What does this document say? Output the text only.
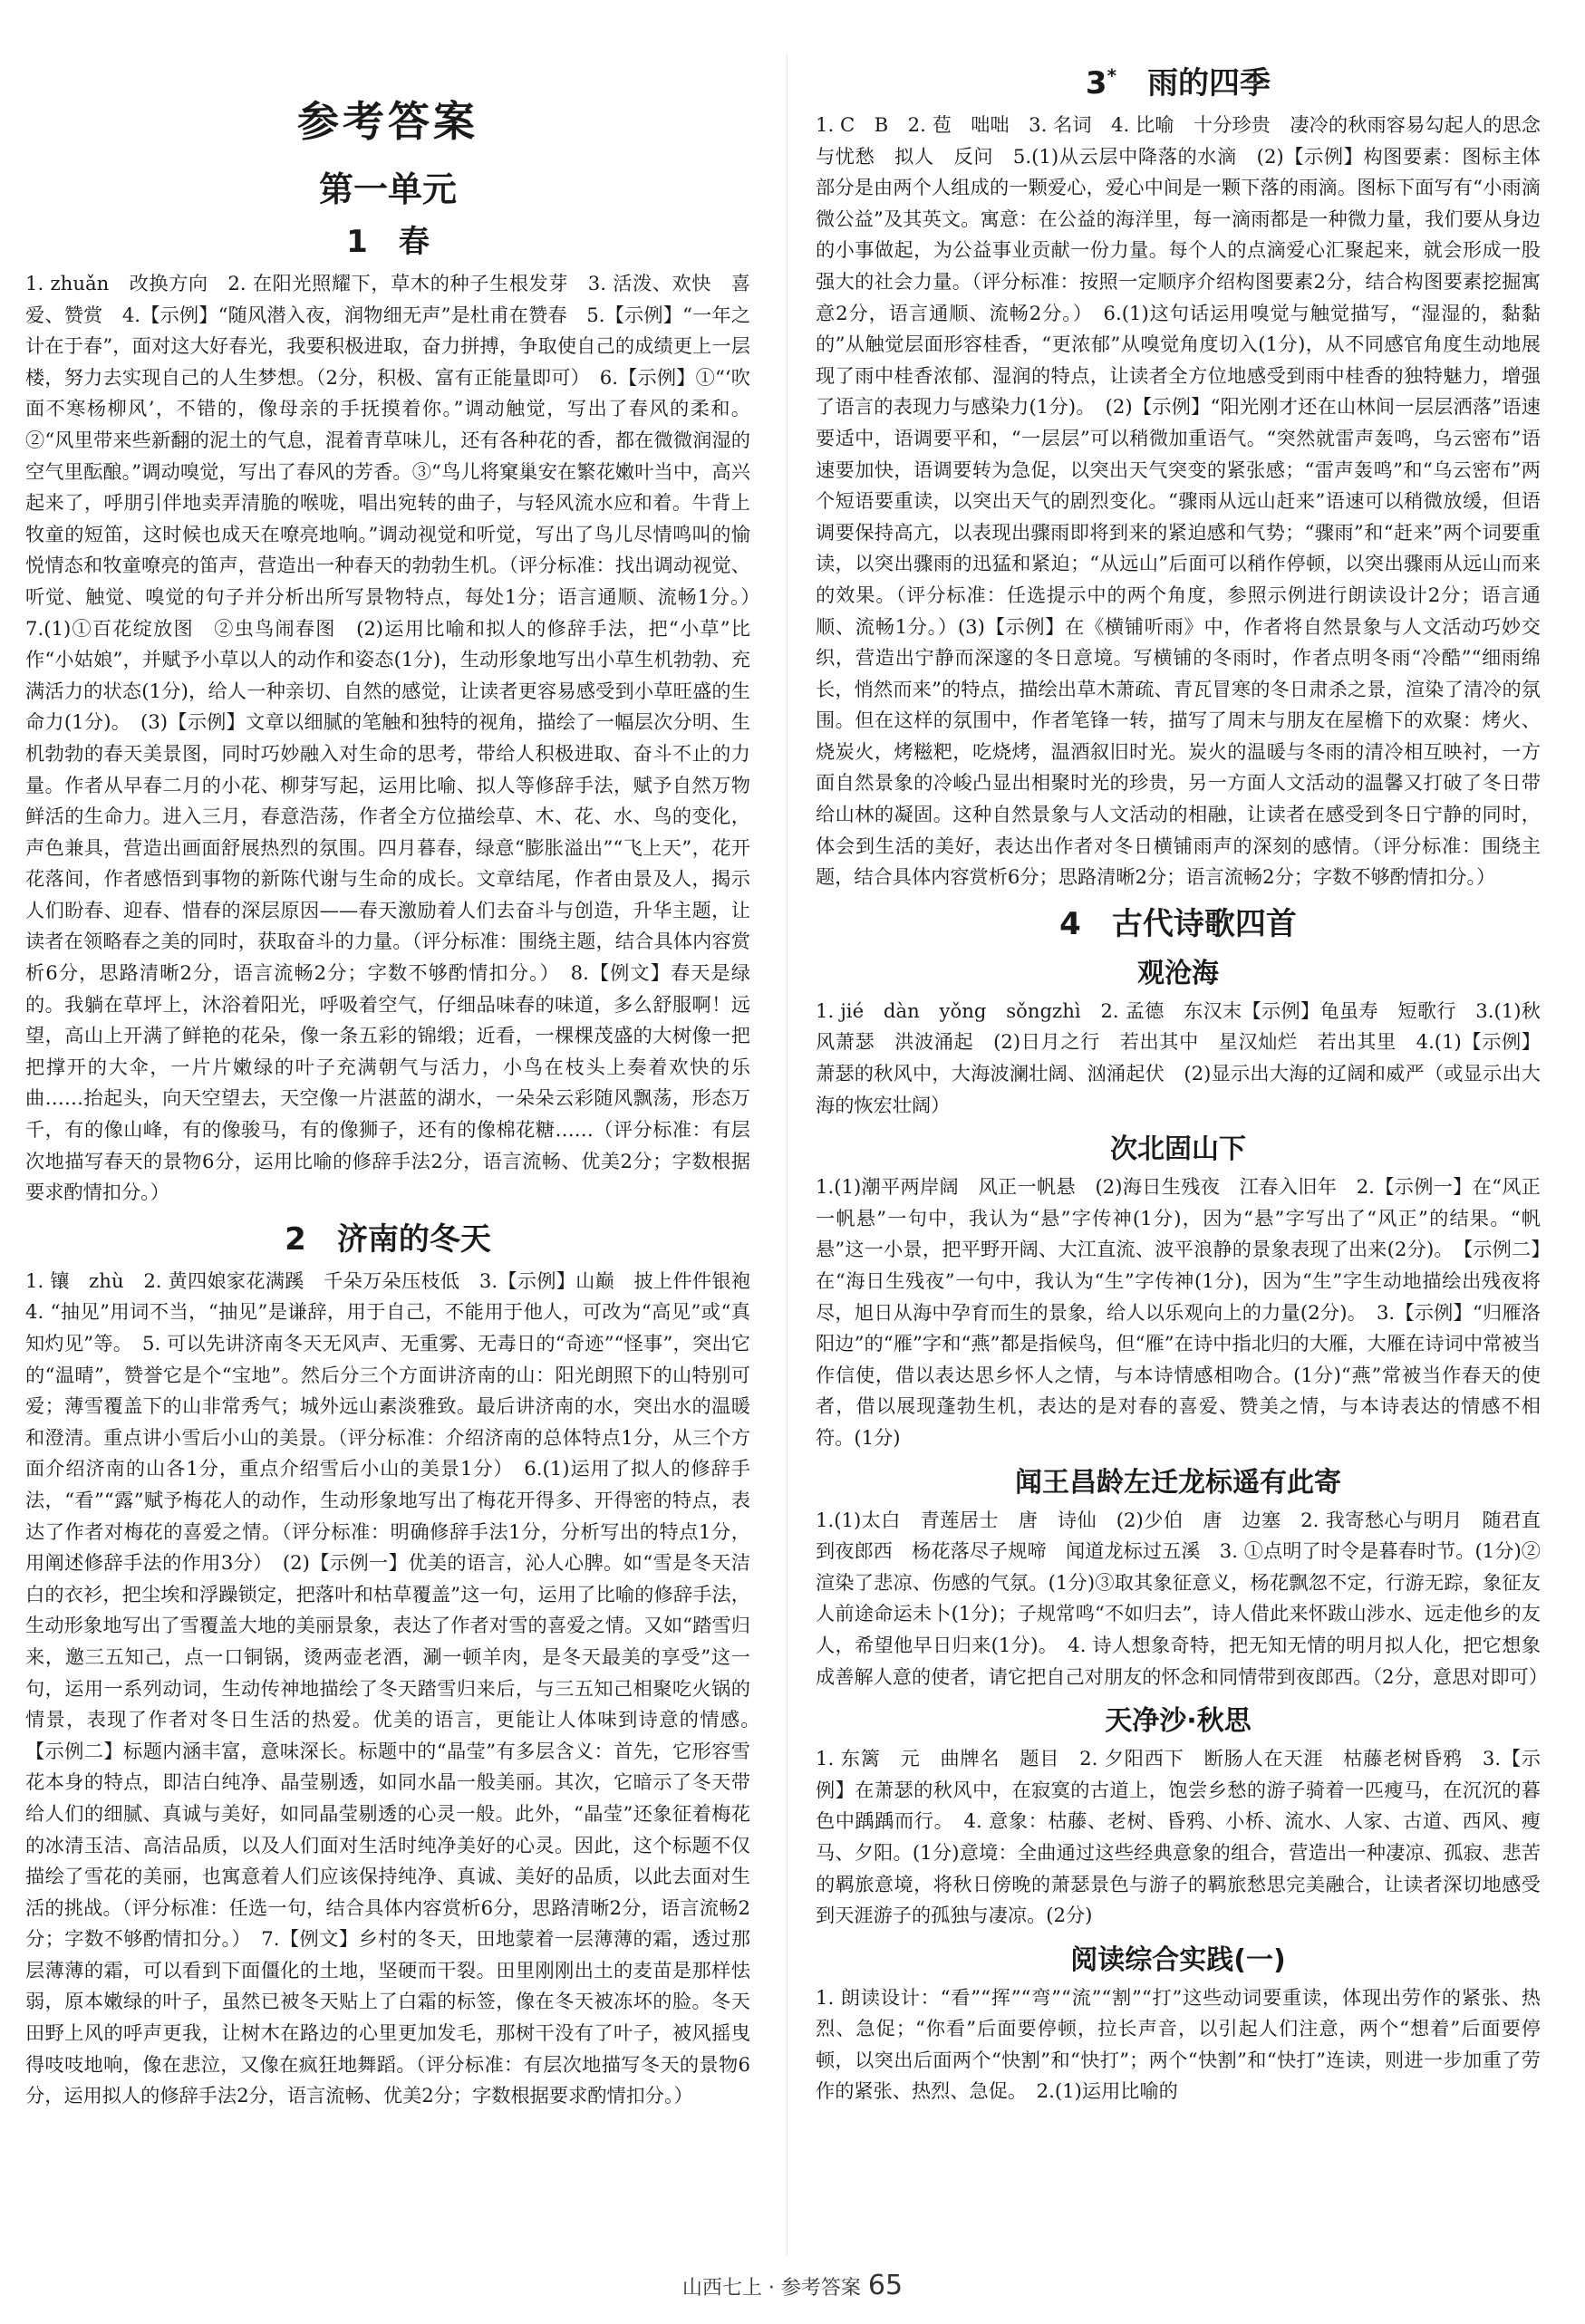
参考答案
第一单元
1　春

1. zhuǎn　改换方向　2. 在阳光照耀下，草木的种子生根发芽　3. 活泼、欢快　喜爱、赞赏　4.【示例】“随风潜入夜，润物细无声”是杜甫在赞春　5.【示例】“一年之计在于春”，面对这大好春光，我要积极进取，奋力拼搏，争取使自己的成绩更上一层楼，努力去实现自己的人生梦想。（2分，积极、富有正能量即可）　6.【示例】①“‘吹面不寒杨柳风’，不错的，像母亲的手抚摸着你。”调动触觉，写出了春风的柔和。②“风里带来些新翻的泥土的气息，混着青草味儿，还有各种花的香，都在微微润湿的空气里酝酿。”调动嗅觉，写出了春风的芳香。③“鸟儿将窠巢安在繁花嫩叶当中，高兴起来了，呼朋引伴地卖弄清脆的喉咙，唱出宛转的曲子，与轻风流水应和着。牛背上牧童的短笛，这时候也成天在嘹亮地响。”调动视觉和听觉，写出了鸟儿尽情鸣叫的愉悦情态和牧童嘹亮的笛声，营造出一种春天的勃勃生机。（评分标准：找出调动视觉、听觉、触觉、嗅觉的句子并分析出所写景物特点，每处1分；语言通顺、流畅1分。）　7.(1)①百花绽放图　②虫鸟闹春图　(2)运用比喻和拟人的修辞手法，把“小草”比作“小姑娘”，并赋予小草以人的动作和姿态(1分)，生动形象地写出小草生机勃勃、充满活力的状态(1分)，给人一种亲切、自然的感觉，让读者更容易感受到小草旺盛的生命力(1分)。　(3)【示例】文章以细腻的笔触和独特的视角，描绘了一幅层次分明、生机勃勃的春天美景图，同时巧妙融入对生命的思考，带给人积极进取、奋斗不止的力量。作者从早春二月的小花、柳芽写起，运用比喻、拟人等修辞手法，赋予自然万物鲜活的生命力。进入三月，春意浩荡，作者全方位描绘草、木、花、水、鸟的变化，声色兼具，营造出画面舒展热烈的氛围。四月暮春，绿意“膨胀溢出”“飞上天”，花开花落间，作者感悟到事物的新陈代谢与生命的成长。文章结尾，作者由景及人，揭示人们盼春、迎春、惜春的深层原因——春天激励着人们去奋斗与创造，升华主题，让读者在领略春之美的同时，获取奋斗的力量。（评分标准：围绕主题，结合具体内容赏析6分，思路清晰2分，语言流畅2分；字数不够酌情扣分。）　8.【例文】春天是绿的。我躺在草坪上，沐浴着阳光，呼吸着空气，仔细品味春的味道，多么舒服啊！远望，高山上开满了鲜艳的花朵，像一条五彩的锦缎；近看，一棵棵茂盛的大树像一把把撑开的大伞，一片片嫩绿的叶子充满朝气与活力，小鸟在枝头上奏着欢快的乐曲……抬起头，向天空望去，天空像一片湛蓝的湖水，一朵朵云彩随风飘荡，形态万千，有的像山峰，有的像骏马，有的像狮子，还有的像棉花糖……（评分标准：有层次地描写春天的景物6分，运用比喻的修辞手法2分，语言流畅、优美2分；字数根据要求酌情扣分。）

2　济南的冬天

1. 镶　zhù　2. 黄四娘家花满蹊　千朵万朵压枝低　3.【示例】山巅　披上件件银袍　4. “抽见”用词不当，“抽见”是谦辞，用于自己，不能用于他人，可改为“高见”或“真知灼见”等。　5. 可以先讲济南冬天无风声、无重雾、无毒日的“奇迹”“怪事”，突出它的“温晴”，赞誉它是个“宝地”。然后分三个方面讲济南的山：阳光朗照下的山特别可爱；薄雪覆盖下的山非常秀气；城外远山素淡雅致。最后讲济南的水，突出水的温暖和澄清。重点讲小雪后小山的美景。（评分标准：介绍济南的总体特点1分，从三个方面介绍济南的山各1分，重点介绍雪后小山的美景1分）　6.(1)运用了拟人的修辞手法，“看”“露”赋予梅花人的动作，生动形象地写出了梅花开得多、开得密的特点，表达了作者对梅花的喜爱之情。（评分标准：明确修辞手法1分，分析写出的特点1分，用阐述修辞手法的作用3分）　(2)【示例一】优美的语言，沁人心脾。如“雪是冬天洁白的衣衫，把尘埃和浮躁锁定，把落叶和枯草覆盖”这一句，运用了比喻的修辞手法，生动形象地写出了雪覆盖大地的美丽景象，表达了作者对雪的喜爱之情。又如“踏雪归来，邀三五知己，点一口铜锅，烫两壶老酒，涮一顿羊肉，是冬天最美的享受”这一句，运用一系列动词，生动传神地描绘了冬天踏雪归来后，与三五知己相聚吃火锅的情景，表现了作者对冬日生活的热爱。优美的语言，更能让人体味到诗意的情感。　【示例二】标题内涵丰富，意味深长。标题中的“晶莹”有多层含义：首先，它形容雪花本身的特点，即洁白纯净、晶莹剔透，如同水晶一般美丽。其次，它暗示了冬天带给人们的细腻、真诚与美好，如同晶莹剔透的心灵一般。此外，“晶莹”还象征着梅花的冰清玉洁、高洁品质，以及人们面对生活时纯净美好的心灵。因此，这个标题不仅描绘了雪花的美丽，也寓意着人们应该保持纯净、真诚、美好的品质，以此去面对生活的挑战。（评分标准：任选一句，结合具体内容赏析6分，思路清晰2分，语言流畅2分；字数不够酌情扣分。）　7.【例文】乡村的冬天，田地蒙着一层薄薄的霜，透过那层薄薄的霜，可以看到下面僵化的土地，坚硬而干裂。田里刚刚出土的麦苗是那样怯弱，原本嫩绿的叶子，虽然已被冬天贴上了白霜的标签，像在冬天被冻坏的脸。冬天田野上风的呼声更我，让树木在路边的心里更加发毛，那树干没有了叶子，被风摇曳得吱吱地响，像在悲泣，又像在疯狂地舞蹈。（评分标准：有层次地描写冬天的景物6分，运用拟人的修辞手法2分，语言流畅、优美2分；字数根据要求酌情扣分。）

3*　 雨的四季

1. C　B　2. 苞　咄咄　3. 名词　4. 比喻　十分珍贵　凄冷的秋雨容易勾起人的思念与忧愁　拟人　反问　5.(1)从云层中降落的水滴　(2)【示例】构图要素：图标主体部分是由两个人组成的一颗爱心，爱心中间是一颗下落的雨滴。图标下面写有“小雨滴微公益”及其英文。寓意：在公益的海洋里，每一滴雨都是一种微力量，我们要从身边的小事做起，为公益事业贡献一份力量。每个人的点滴爱心汇聚起来，就会形成一股强大的社会力量。（评分标准：按照一定顺序介绍构图要素2分，结合构图要素挖掘寓意2分，语言通顺、流畅2分。）　6.(1)这句话运用嗅觉与触觉描写，“湿湿的，黏黏的”从触觉层面形容桂香，“更浓郁”从嗅觉角度切入(1分)，从不同感官角度生动地展现了雨中桂香浓郁、湿润的特点，让读者全方位地感受到雨中桂香的独特魅力，增强了语言的表现力与感染力(1分)。　(2)【示例】“阳光刚才还在山林间一层层洒落”语速要适中，语调要平和，“一层层”可以稍微加重语气。“突然就雷声轰鸣，乌云密布”语速要加快，语调要转为急促，以突出天气突变的紧张感；“雷声轰鸣”和“乌云密布”两个短语要重读，以突出天气的剧烈变化。“骤雨从远山赶来”语速可以稍微放缓，但语调要保持高亢，以表现出骤雨即将到来的紧迫感和气势；“骤雨”和“赶来”两个词要重读，以突出骤雨的迅猛和紧迫；“从远山”后面可以稍作停顿，以突出骤雨从远山而来的效果。（评分标准：任选提示中的两个角度，参照示例进行朗读设计2分；语言通顺、流畅1分。）(3)【示例】在《横铺听雨》中，作者将自然景象与人文活动巧妙交织，营造出宁静而深邃的冬日意境。写横铺的冬雨时，作者点明冬雨“冷酷”“细雨绵长，悄然而来”的特点，描绘出草木萧疏、青瓦冒寒的冬日肃杀之景，渲染了清冷的氛围。但在这样的氛围中，作者笔锋一转，描写了周末与朋友在屋檐下的欢聚：烤火、烧炭火，烤糍粑，吃烧烤，温酒叙旧时光。炭火的温暖与冬雨的清冷相互映衬，一方面自然景象的冷峻凸显出相聚时光的珍贵，另一方面人文活动的温馨又打破了冬日带给山林的凝固。这种自然景象与人文活动的相融，让读者在感受到冬日宁静的同时，体会到生活的美好，表达出作者对冬日横铺雨声的深刻的感情。（评分标准：围绕主题，结合具体内容赏析6分；思路清晰2分；语言流畅2分；字数不够酌情扣分。）

4　古代诗歌四首
观沧海

1. jié　dàn　yǒng　sǒngzhì　2. 孟德　东汉末【示例】龟虽寿　短歌行　3.(1)秋风萧瑟　洪波涌起　(2)日月之行　若出其中　星汉灿烂　若出其里　4.(1)【示例】萧瑟的秋风中，大海波澜壮阔、汹涌起伏　(2)显示出大海的辽阔和威严（或显示出大海的恢宏壮阔）

次北固山下

1.(1)潮平两岸阔　风正一帆悬　(2)海日生残夜　江春入旧年　2.【示例一】在“风正一帆悬”一句中，我认为“悬”字传神(1分)，因为“悬”字写出了“风正”的结果。“帆悬”这一小景，把平野开阔、大江直流、波平浪静的景象表现了出来(2分)。　【示例二】在“海日生残夜”一句中，我认为“生”字传神(1分)，因为“生”字生动地描绘出残夜将尽，旭日从海中孕育而生的景象，给人以乐观向上的力量(2分)。　3.【示例】“归雁洛阳边”的“雁”字和“燕”都是指候鸟，但“雁”在诗中指北归的大雁，大雁在诗词中常被当作信使，借以表达思乡怀人之情，与本诗情感相吻合。(1分)“燕”常被当作春天的使者，借以展现蓬勃生机，表达的是对春的喜爱、赞美之情，与本诗表达的情感不相符。(1分)

闻王昌龄左迁龙标遥有此寄

1.(1)太白　青莲居士　唐　诗仙　(2)少伯　唐　边塞　2. 我寄愁心与明月　随君直到夜郎西　杨花落尽子规啼　闻道龙标过五溪　3. ①点明了时令是暮春时节。(1分)②渲染了悲凉、伤感的气氛。(1分)③取其象征意义，杨花飘忽不定，行游无踪，象征友人前途命运未卜(1分)；子规常鸣“不如归去”，诗人借此来怀跋山涉水、远走他乡的友人，希望他早日归来(1分)。　4. 诗人想象奇特，把无知无情的明月拟人化，把它想象成善解人意的使者，请它把自己对朋友的怀念和同情带到夜郎西。（2分，意思对即可）

天净沙·秋思

1. 东篱　元　曲牌名　题目　2. 夕阳西下　断肠人在天涯　枯藤老树昏鸦　3.【示例】在萧瑟的秋风中，在寂寞的古道上，饱尝乡愁的游子骑着一匹瘦马，在沉沉的暮色中踽踽而行。　4. 意象：枯藤、老树、昏鸦、小桥、流水、人家、古道、西风、瘦马、夕阳。(1分)意境：全曲通过这些经典意象的组合，营造出一种凄凉、孤寂、悲苦的羁旅意境，将秋日傍晚的萧瑟景色与游子的羁旅愁思完美融合，让读者深切地感受到天涯游子的孤独与凄凉。(2分)

阅读综合实践(一)

1. 朗读设计：“看”“挥”“弯”“流”“割”“打”这些动词要重读，体现出劳作的紧张、热烈、急促；“你看”后面要停顿，拉长声音，以引起人们注意，两个“想着”后面要停顿，以突出后面两个“快割”和“快打”；两个“快割”和“快打”连读，则进一步加重了劳作的紧张、热烈、急促。　2.(1)运用比喻的

山西七上 · 参考答案 65
